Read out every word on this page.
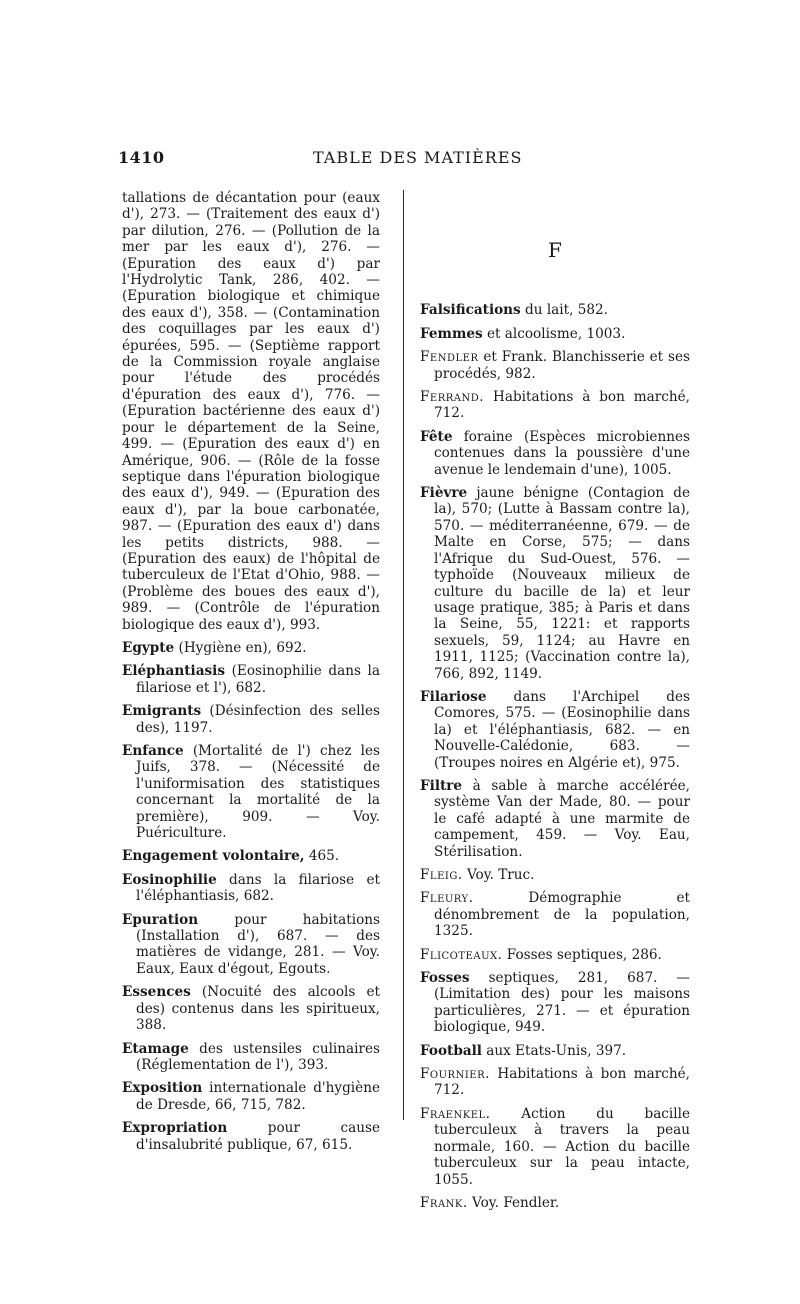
1410	TABLE DES MATIÈRES

tallations de décantation pour (eaux d'), 273. — (Traitement des eaux d') par dilution, 276. — (Pollution de la mer par les eaux d'), 276. — (Epuration des eaux d') par l'Hydrolytic Tank, 286, 402. — (Epuration biologique et chimique des eaux d'), 358. — (Contamination des coquillages par les eaux d') épurées, 595. — (Septième rapport de la Commission royale anglaise pour l'étude des procédés d'épuration des eaux d'), 776. — (Epuration bactérienne des eaux d') pour le département de la Seine, 499. — (Epuration des eaux d') en Amérique, 906. — (Rôle de la fosse septique dans l'épuration biologique des eaux d'), 949. — (Epuration des eaux d'), par la boue carbonatée, 987. — (Epuration des eaux d') dans les petits districts, 988. — (Epuration des eaux) de l'hôpital de tuberculeux de l'Etat d'Ohio, 988. — (Problème des boues des eaux d'), 989. — (Contrôle de l'épuration biologique des eaux d'), 993.

Egypte (Hygiène en), 692.

Eléphantiasis (Eosinophilie dans la filariose et l'), 682.

Emigrants (Désinfection des selles des), 1197.

Enfance (Mortalité de l') chez les Juifs, 378. — (Nécessité de l'uniformisation des statistiques concernant la mortalité de la première), 909. — Voy. Puériculture.

Engagement volontaire, 465.

Eosinophilie dans la filariose et l'éléphantiasis, 682.

Epuration pour habitations (Installation d'), 687. — des matières de vidange, 281. — Voy. Eaux, Eaux d'égout, Egouts.

Essences (Nocuité des alcools et des) contenus dans les spiritueux, 388.

Etamage des ustensiles culinaires (Réglementation de l'), 393.

Exposition internationale d'hygiène de Dresde, 66, 715, 782.

Expropriation pour cause d'insalubrité publique, 67, 615.

F

Falsifications du lait, 582.

Femmes et alcoolisme, 1003.

Fendler et Frank. Blanchisserie et ses procédés, 982.

Ferrand. Habitations à bon marché, 712.

Fête foraine (Espèces microbiennes contenues dans la poussière d'une avenue le lendemain d'une), 1005.

Fièvre jaune bénigne (Contagion de la), 570; (Lutte à Bassam contre la), 570. — méditerranéenne, 679. — de Malte en Corse, 575; — dans l'Afrique du Sud-Ouest, 576. — typhoïde (Nouveaux milieux de culture du bacille de la) et leur usage pratique, 385; à Paris et dans la Seine, 55, 1221: et rapports sexuels, 59, 1124; au Havre en 1911, 1125; (Vaccination contre la), 766, 892, 1149.

Filariose dans l'Archipel des Comores, 575. — (Eosinophilie dans la) et l'éléphantiasis, 682. — en Nouvelle-Calédonie, 683. — (Troupes noires en Algérie et), 975.

Filtre à sable à marche accélérée, système Van der Made, 80. — pour le café adapté à une marmite de campement, 459. — Voy. Eau, Stérilisation.

Fleig. Voy. Truc.

Fleury. Démographie et dénombrement de la population, 1325.

Flicoteaux. Fosses septiques, 286.

Fosses septiques, 281, 687. — (Limitation des) pour les maisons particulières, 271. — et épuration biologique, 949.

Football aux Etats-Unis, 397.

Fournier. Habitations à bon marché, 712.

Fraenkel. Action du bacille tuberculeux à travers la peau normale, 160. — Action du bacille tuberculeux sur la peau intacte, 1055.

Frank. Voy. Fendler.
